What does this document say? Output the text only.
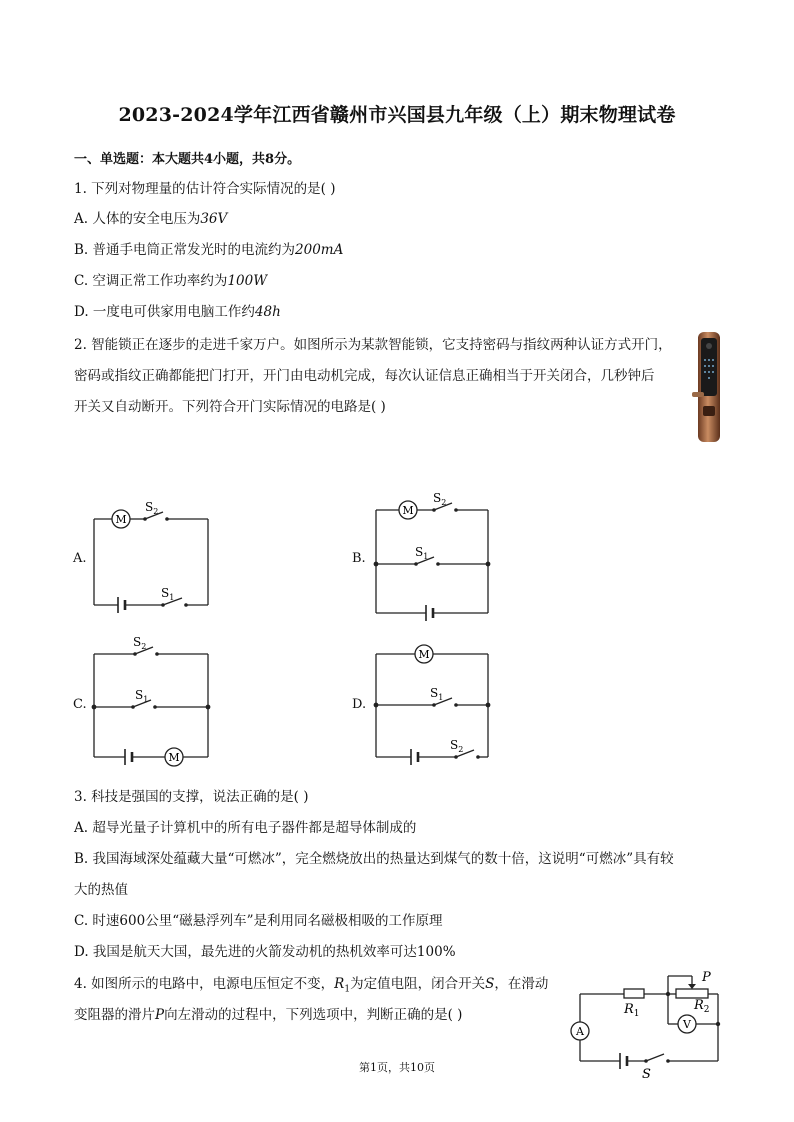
2023-2024学年江西省赣州市兴国县九年级（上）期末物理试卷
一、单选题：本大题共4小题，共8分。
1. 下列对物理量的估计符合实际情况的是( )
A. 人体的安全电压为36V
B. 普通手电筒正常发光时的电流约为200mA
C. 空调正常工作功率约为100W
D. 一度电可供家用电脑工作约48h
2. 智能锁正在逐步的走进千家万户。如图所示为某款智能锁，它支持密码与指纹两种认证方式开门，
密码或指纹正确都能把门打开，开门由电动机完成，每次认证信息正确相当于开关闭合，几秒钟后
开关又自动断开。下列符合开门实际情况的电路是( )
A.
M
$S_2$
$S_1$
B.
M
$S_2$
$S_1$
C.
M
$S_2$
$S_1$	D.
M
$S_1$
$S_2$
3. 科技是强国的支撑，说法正确的是( )
A. 超导光量子计算机中的所有电子器件都是超导体制成的
B. 我国海域深处蕴藏大量“可燃冰”，完全燃烧放出的热量达到煤气的数十倍，这说明“可燃冰”具有较
大的热值
C. 时速600公里“磁悬浮列车”是利用同名磁极相吸的工作原理
D. 我国是航天大国，最先进的火箭发动机的热机效率可达100%
4. 如图所示的电路中，电源电压恒定不变，$R_1$为定值电阻，闭合开关S，在滑动
变阻器的滑片P向左滑动的过程中，下列选项中，判断正确的是( )
P
$R_1$
$R_2$
A
V
S
第1页，共10页
